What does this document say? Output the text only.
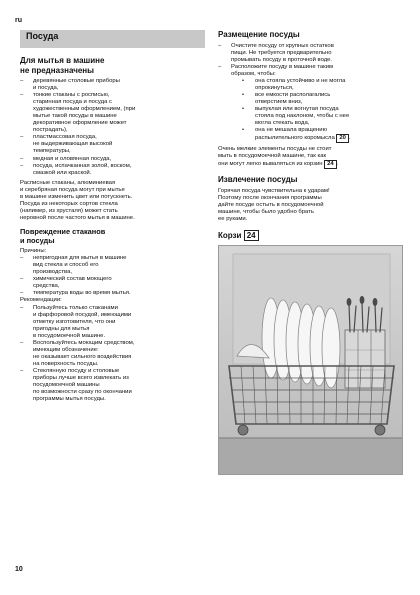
ru
Посуда
Для мытья в машине
не предназначены
– деревянные столовые приборы
и посуда,
– тонкие стаканы с росписью,
старинная посуда и посуда с
художественным оформлением, (при
мытье такой посуды в машине
декоративное оформление может
пострадать),
– пластмассовая посуда,
не выдерживающая высокой
температуры,
– медная и оловянная посуда,
– посуда, испачканная золой, воском,
смазкой или краской.

Расписные стаканы, алюминиевая
и серебряная посуда могут при мытье
в машине изменить цвет или потускнеть.
Посуда из некоторых сортов стекла
(напимер, из хрусталя) может стать
неровной после частого мытья в машине.

Повреждение стаканов
и посуды

Причины:

– непригодная для мытья в машине
вид стекла и способ его
производства,
– химический состав моющего
средства,
– температура воды во время мытья.

Рекомендации:

– Пользуйтесь только стаканами
и фарфоровой посудой, имеющими
отметку изготовителя, что они
пригодны для мытья
в посудомоечной машине.
– Воспользуйтесь моющим средством,
имеющим обозначение:
не оказывает сильного воздействия
на поверхность посуды.
– Стеклянную посуду и столовые
приборы лучше всего извлекать из
посудомоечной машины
по возможности сразу по окончании
программы мытья посуды.
Размещение посуды
– Очистите посуду от крупных остатков
пищи. Не требуется предварительно
промывать посуду в проточной воде.
– Расположите посуду в машине таким
образом, чтобы:
• она стояла устойчиво и не могла
опрокинуться,
• все емкости располагались
отверстием вниз,
• выпуклая или вогнутая посуда
стояла под наклоном, чтобы с нее
могла стекать вода,
• она не мешала вращению
распылительного коромысла 20 .

Очень мелкие элементы посуды не стоит
мыть в посудомоечной машине, так как
они могут легко вываляться из корзин 24 .

Извлечение посуды

Горячая посуда чувствительна к ударам!
Поэтому после окончания программы
дайте посуде остыть в посудомоечной
машине, чтобы было удобно брать
ее руками.

Корзи 24
10
